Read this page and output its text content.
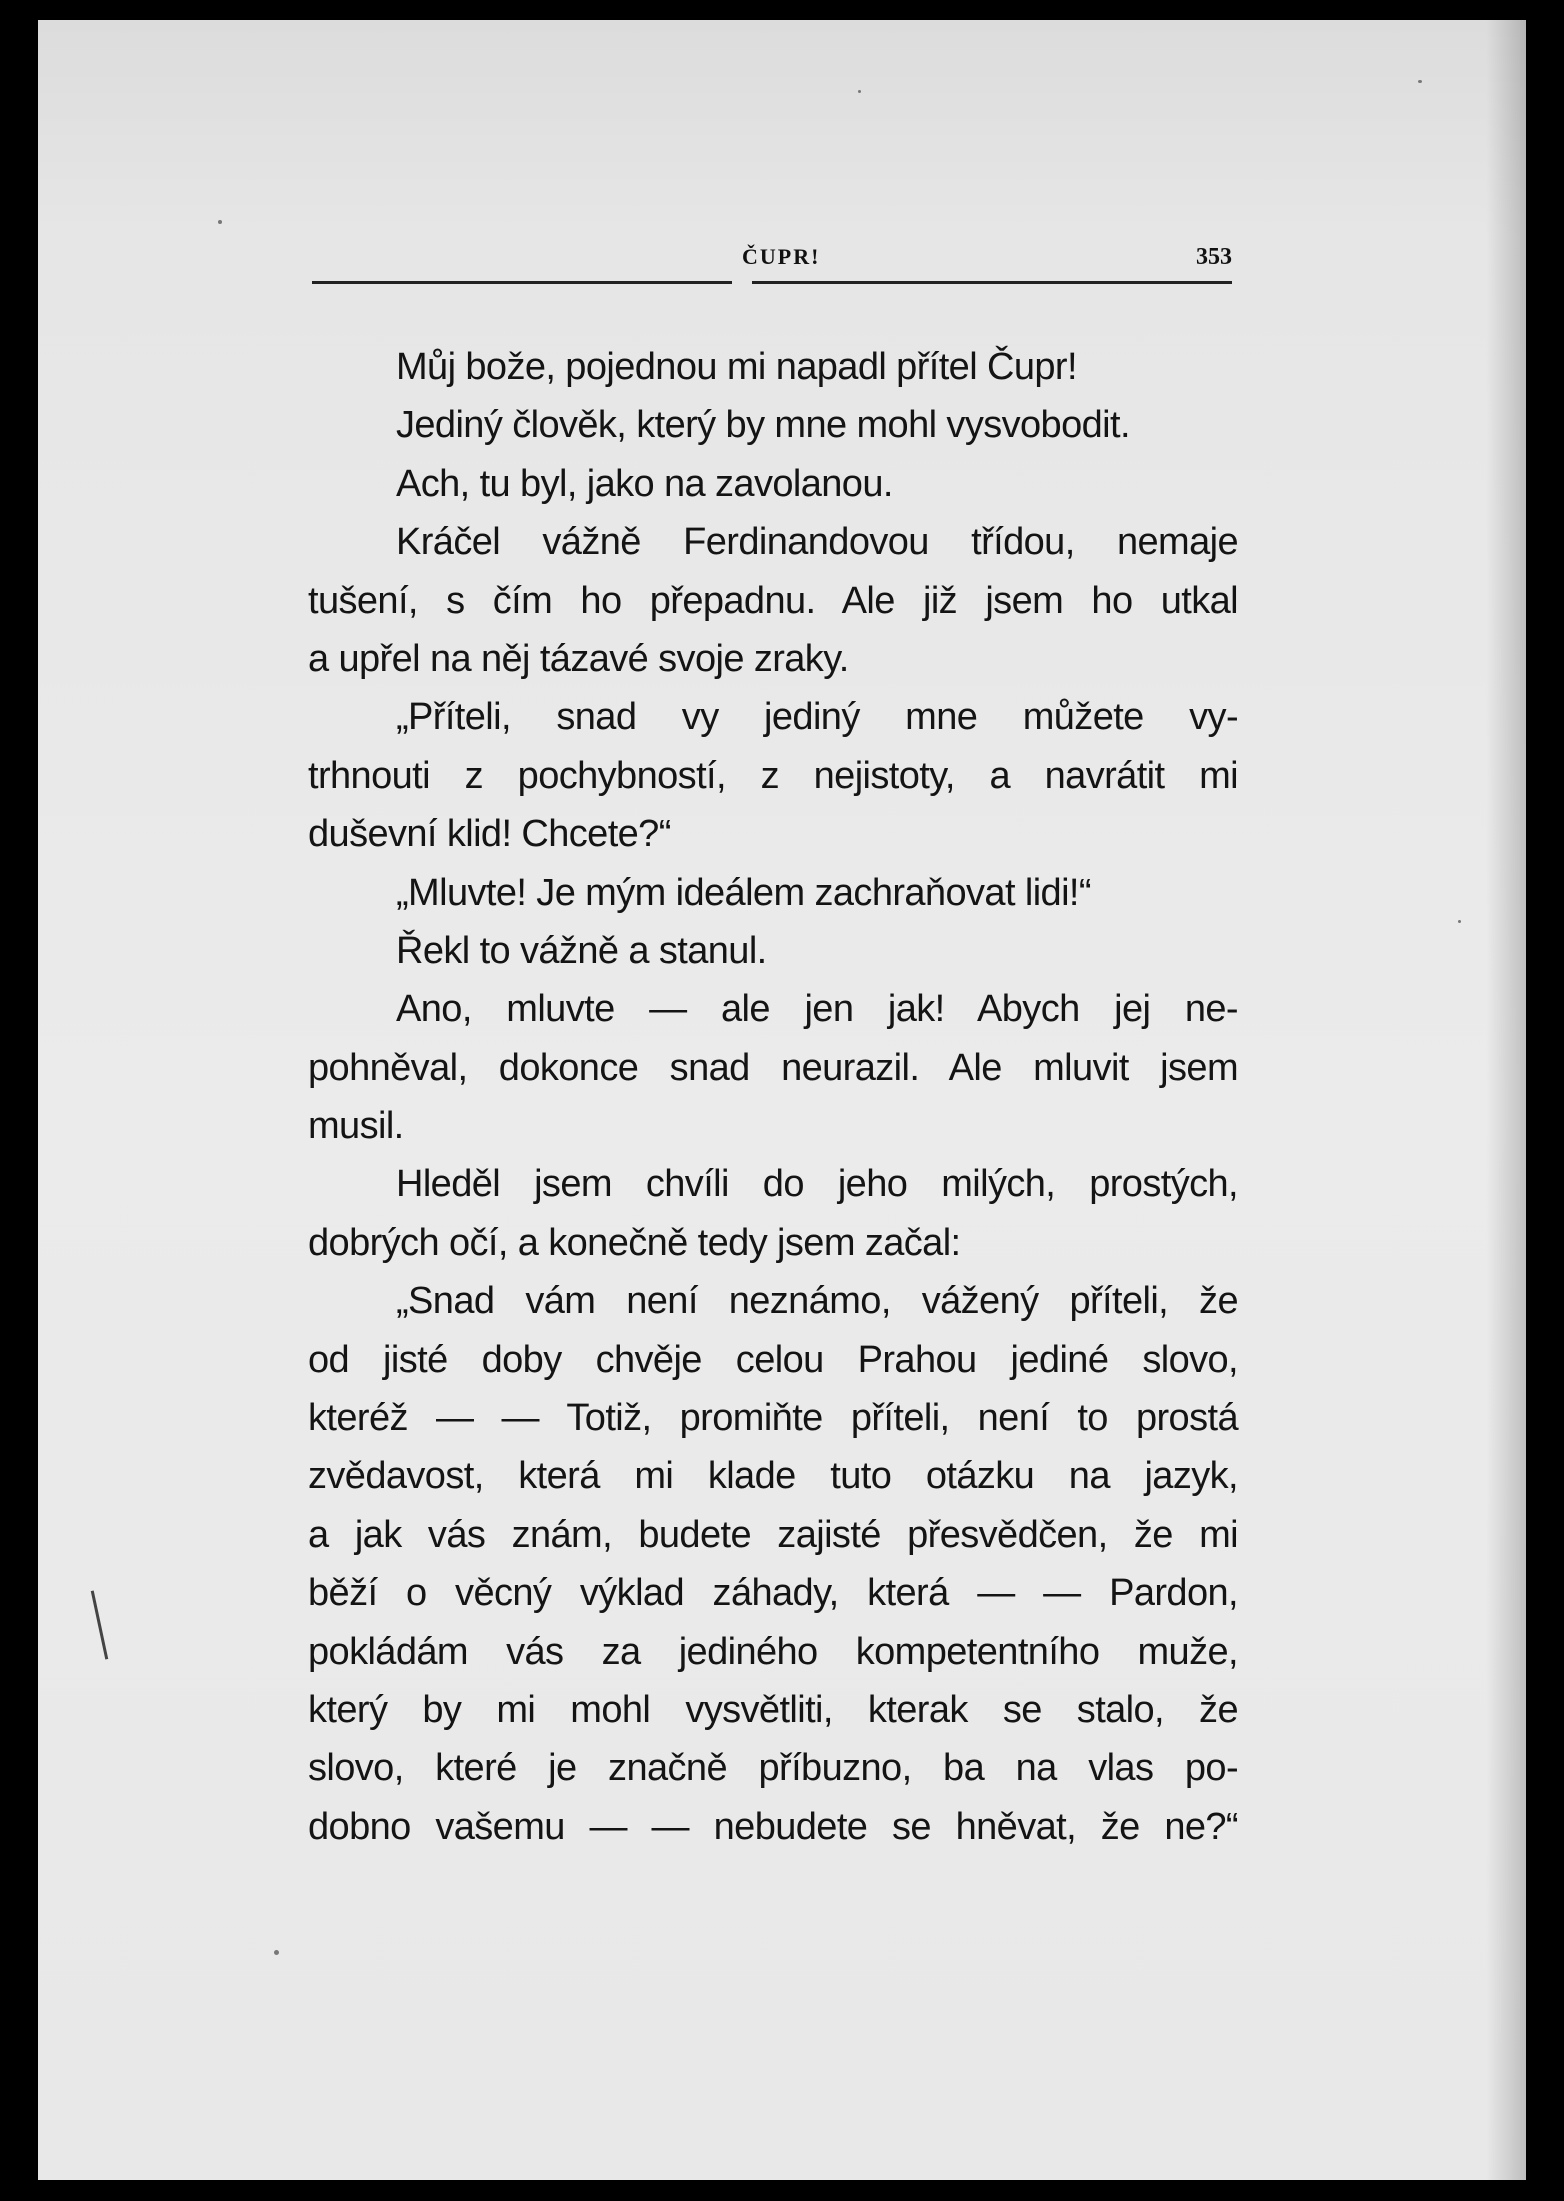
ČUPR!	353
Můj bože, pojednou mi napadl přítel Čupr!
Jediný člověk, který by mne mohl vysvobodit.
Ach, tu byl, jako na zavolanou.
Kráčel vážně Ferdinandovou třídou, nemaje
tušení, s čím ho přepadnu. Ale již jsem ho utkal
a upřel na něj tázavé svoje zraky.
„Příteli, snad vy jediný mne můžete vy-
trhnouti z pochybností, z nejistoty, a navrátit mi
duševní klid! Chcete?“
„Mluvte! Je mým ideálem zachraňovat lidi!“
Řekl to vážně a stanul.
Ano, mluvte — ale jen jak! Abych jej ne-
pohněval, dokonce snad neurazil. Ale mluvit jsem
musil.
Hleděl jsem chvíli do jeho milých, prostých,
dobrých očí, a konečně tedy jsem začal:
„Snad vám není neznámo, vážený příteli, že
od jisté doby chvěje celou Prahou jediné slovo,
kteréž — — Totiž, promiňte příteli, není to prostá
zvědavost, která mi klade tuto otázku na jazyk,
a jak vás znám, budete zajisté přesvědčen, že mi
běží o věcný výklad záhady, která — — Pardon,
pokládám vás za jediného kompetentního muže,
který by mi mohl vysvětliti, kterak se stalo, že
slovo, které je značně příbuzno, ba na vlas po-
dobno vašemu — — nebudete se hněvat, že ne?“
